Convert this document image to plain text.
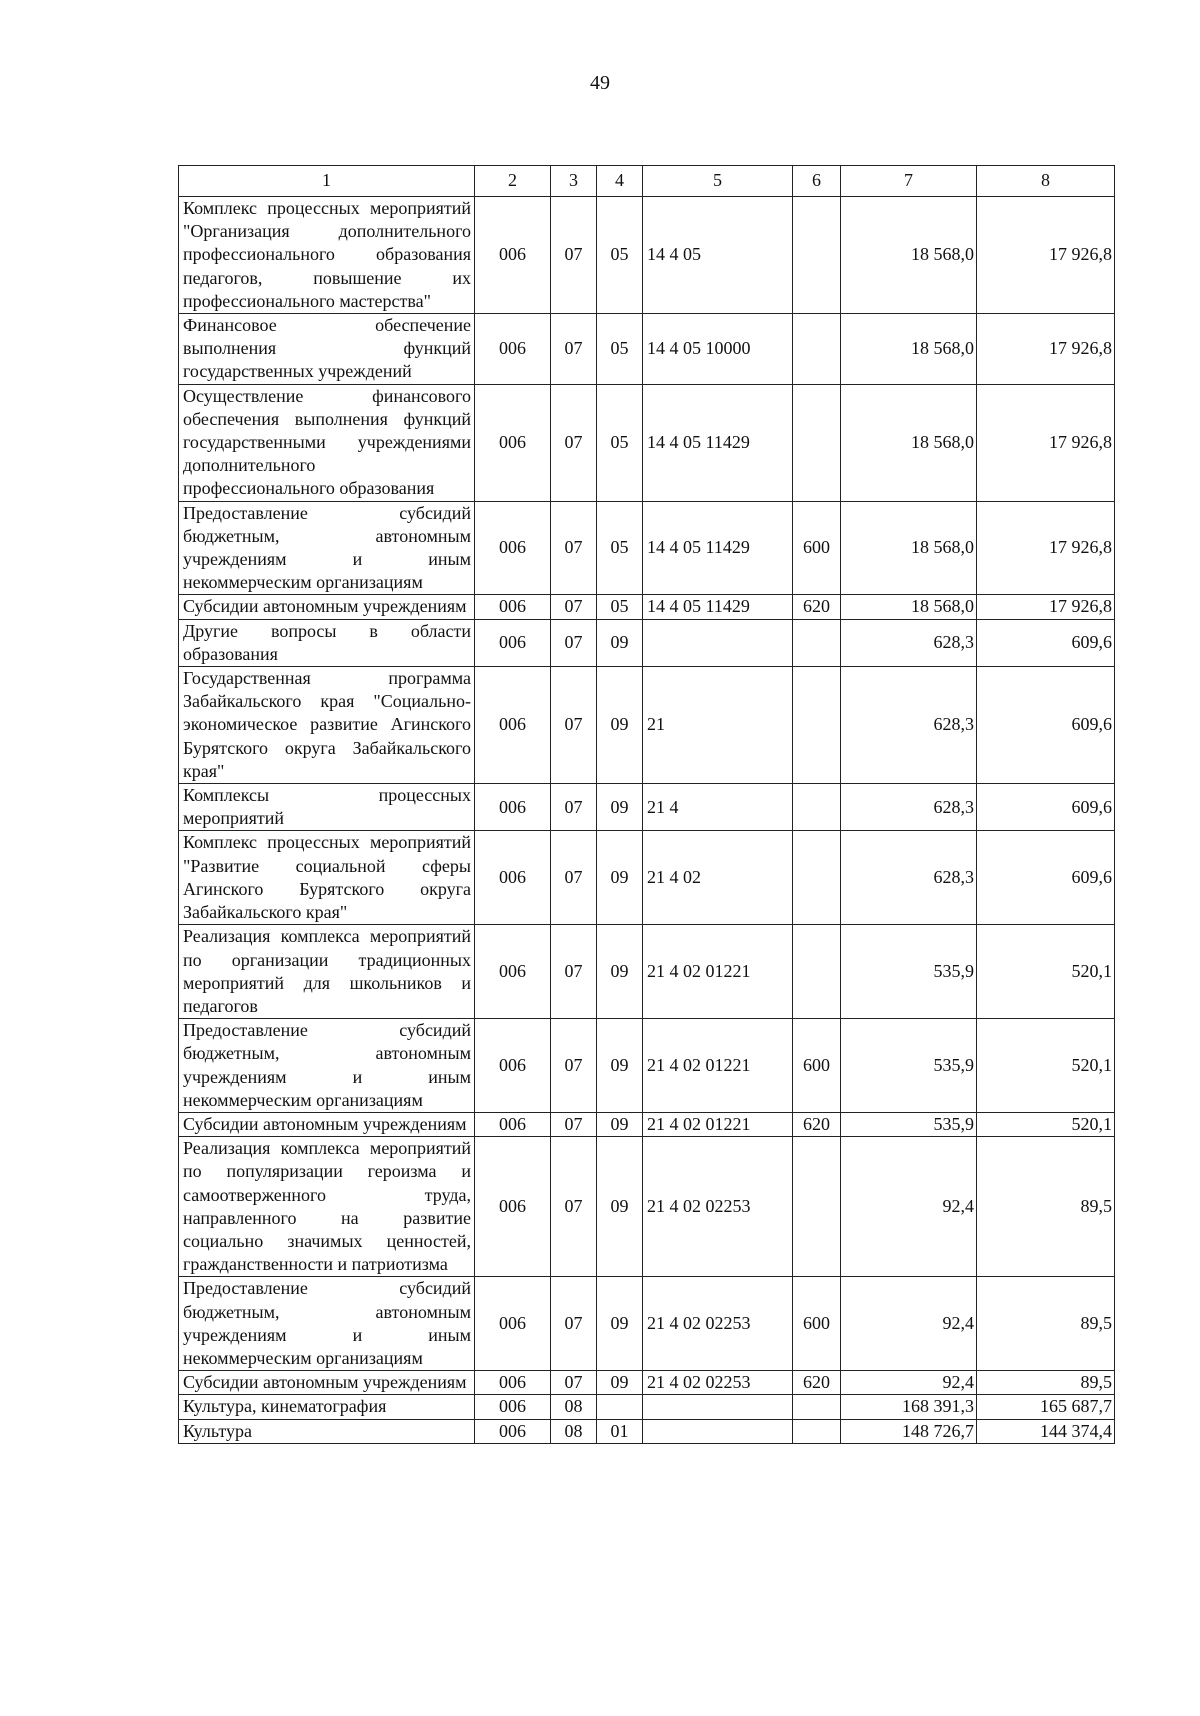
49
1	2	3	4	5	6	7	8
Комплекс процессных мероприятий "Организация дополнительного профессионального образования педагогов, повышение их профессионального мастерства"	006	07	05	14 4 05		18 568,0	17 926,8
Финансовое обеспечение выполнения функций государственных учреждений	006	07	05	14 4 05 10000		18 568,0	17 926,8
Осуществление финансового обеспечения выполнения функций государственными учреждениями дополнительного профессионального образования	006	07	05	14 4 05 11429		18 568,0	17 926,8
Предоставление субсидий бюджетным, автономным учреждениям и иным некоммерческим организациям	006	07	05	14 4 05 11429	600	18 568,0	17 926,8
Субсидии автономным учреждениям	006	07	05	14 4 05 11429	620	18 568,0	17 926,8
Другие вопросы в области образования	006	07	09			628,3	609,6
Государственная программа Забайкальского края "Социально-экономическое развитие Агинского Бурятского округа Забайкальского края"	006	07	09	21		628,3	609,6
Комплексы процессных мероприятий	006	07	09	21 4		628,3	609,6
Комплекс процессных мероприятий "Развитие социальной сферы Агинского Бурятского округа Забайкальского края"	006	07	09	21 4 02		628,3	609,6
Реализация комплекса мероприятий по организации традиционных мероприятий для школьников и педагогов	006	07	09	21 4 02 01221		535,9	520,1
Предоставление субсидий бюджетным, автономным учреждениям и иным некоммерческим организациям	006	07	09	21 4 02 01221	600	535,9	520,1
Субсидии автономным учреждениям	006	07	09	21 4 02 01221	620	535,9	520,1
Реализация комплекса мероприятий по популяризации героизма и самоотверженного труда, направленного на развитие социально значимых ценностей, гражданственности и патриотизма	006	07	09	21 4 02 02253		92,4	89,5
Предоставление субсидий бюджетным, автономным учреждениям и иным некоммерческим организациям	006	07	09	21 4 02 02253	600	92,4	89,5
Субсидии автономным учреждениям	006	07	09	21 4 02 02253	620	92,4	89,5
Культура, кинематография	006	08				168 391,3	165 687,7
Культура	006	08	01			148 726,7	144 374,4
